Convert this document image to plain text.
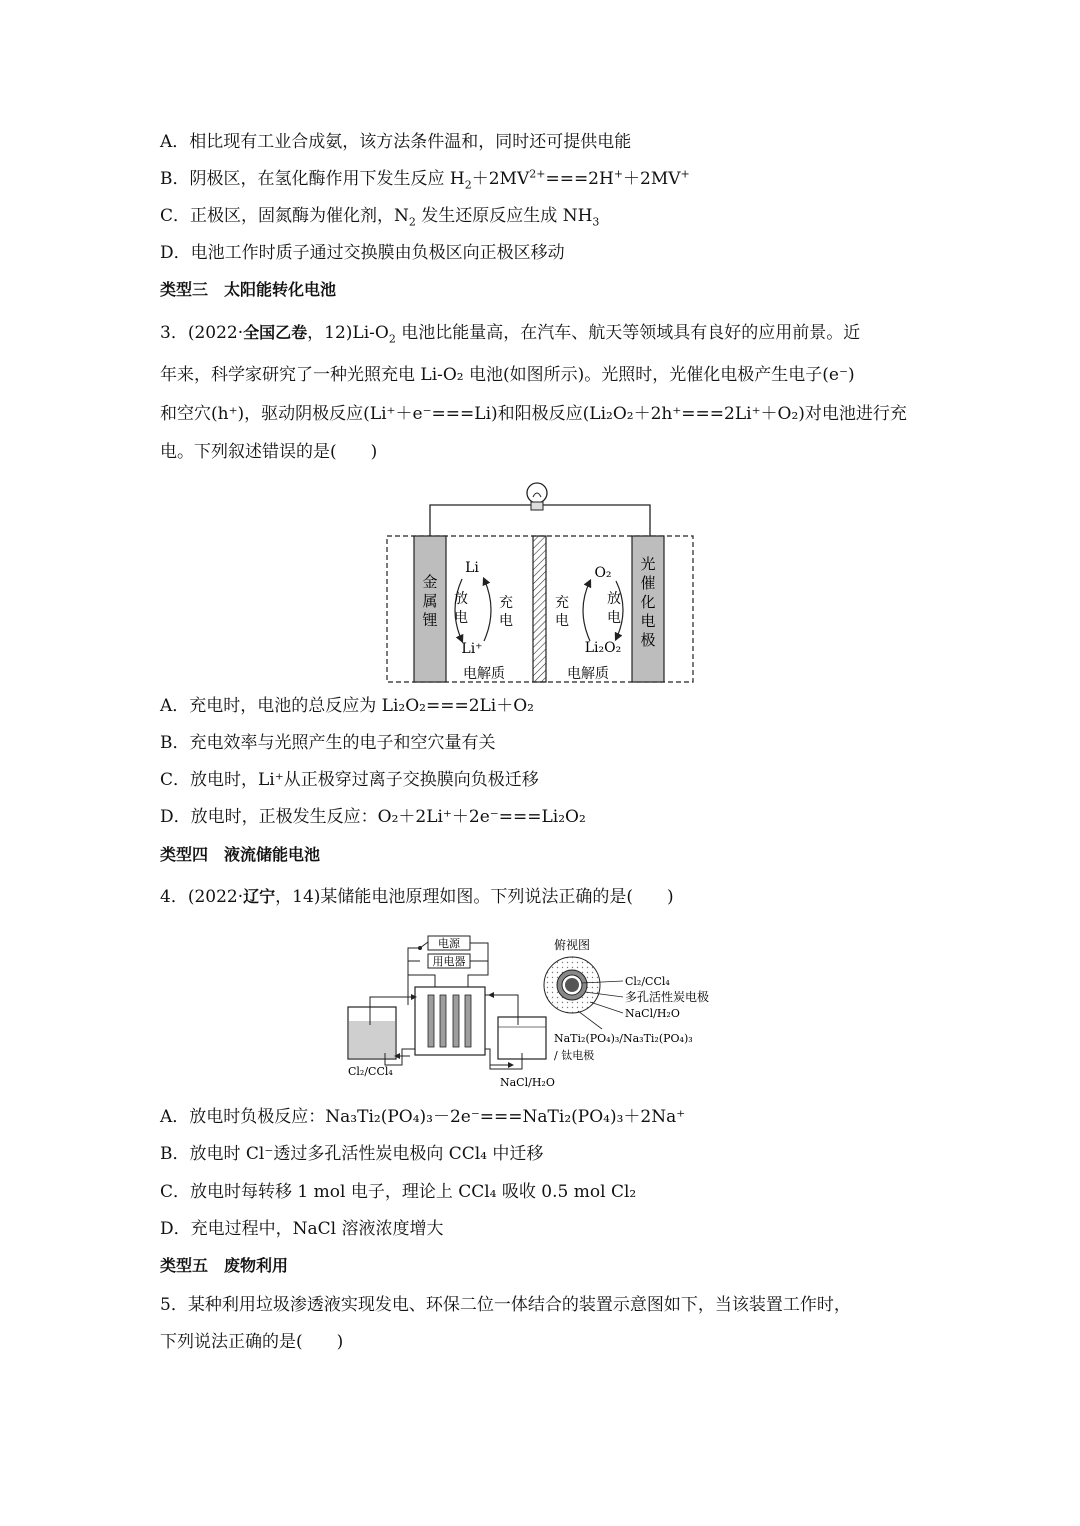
A．相比现有工业合成氨，该方法条件温和，同时还可提供电能
B．阴极区，在氢化酶作用下发生反应 $H_2+2MV^{2+}===2H^++2MV^+$
C．正极区，固氮酶为催化剂，$N_2$ 发生还原反应生成 $NH_3$
D．电池工作时质子通过交换膜由负极区向正极区移动
类型三　太阳能转化电池
3．(2022·全国乙卷，$12)Li-O_2$ 电池比能量高，在汽车、航天等领域具有良好的应用前景。近
年来，科学家研究了一种光照充电 Li-O₂ 电池(如图所示)。光照时，光催化电极产生电子(e⁻)
和空穴(h⁺)，驱动阴极反应(Li⁺＋e⁻===Li)和阳极反应(Li₂O₂＋2h⁺===2Li⁺＋O₂)对电池进行充
电。下列叙述错误的是(　　)
金
属
锂
光
催
化
电
极
Li
Li⁺
放
电
充
电
电解质
O₂
Li₂O₂
充
电
放
电
电解质
A．充电时，电池的总反应为 Li₂O₂===2Li＋O₂
B．充电效率与光照产生的电子和空穴量有关
C．放电时，Li⁺从正极穿过离子交换膜向负极迁移
D．放电时，正极发生反应：O₂＋2Li⁺＋2e⁻===Li₂O₂
类型四　液流储能电池
4．(2022·辽宁，14)某储能电池原理如图。下列说法正确的是(　　)
电源
用电器
Cl₂/CCl₄
NaCl/H₂O
俯视图
Cl₂/CCl₄
多孔活性炭电极
NaCl/H₂O
NaTi₂(PO₄)₃/Na₃Ti₂(PO₄)₃
/ 钛电极
A．放电时负极反应：Na₃Ti₂(PO₄)₃－2e⁻===NaTi₂(PO₄)₃＋2Na⁺
B．放电时 Cl⁻透过多孔活性炭电极向 CCl₄ 中迁移
C．放电时每转移 1 mol 电子，理论上 CCl₄ 吸收 0.5 mol Cl₂
D．充电过程中，NaCl 溶液浓度增大
类型五　废物利用
5．某种利用垃圾渗透液实现发电、环保二位一体结合的装置示意图如下，当该装置工作时，
下列说法正确的是(　　)
